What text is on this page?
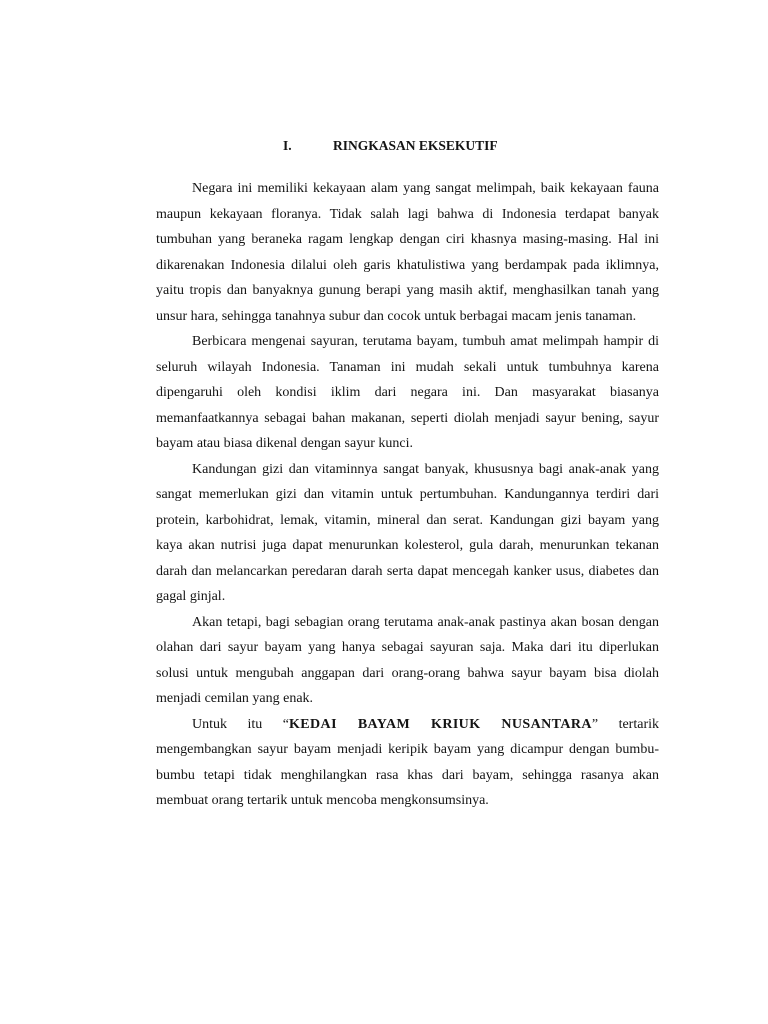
I.	RINGKASAN EKSEKUTIF

Negara ini memiliki kekayaan alam yang sangat melimpah, baik kekayaan fauna maupun kekayaan floranya. Tidak salah lagi bahwa di Indonesia terdapat banyak tumbuhan yang beraneka ragam lengkap dengan ciri khasnya masing-masing. Hal ini dikarenakan Indonesia dilalui oleh garis khatulistiwa yang berdampak pada iklimnya, yaitu tropis dan banyaknya gunung berapi yang masih aktif, menghasilkan tanah yang unsur hara, sehingga tanahnya subur dan cocok untuk berbagai macam jenis tanaman.

Berbicara mengenai sayuran, terutama bayam, tumbuh amat melimpah hampir di seluruh wilayah Indonesia. Tanaman ini mudah sekali untuk tumbuhnya karena dipengaruhi oleh kondisi iklim dari negara ini. Dan masyarakat biasanya memanfaatkannya sebagai bahan makanan, seperti diolah menjadi sayur bening, sayur bayam atau biasa dikenal dengan sayur kunci.

Kandungan gizi dan vitaminnya sangat banyak, khususnya bagi anak-anak yang sangat memerlukan gizi dan vitamin untuk pertumbuhan. Kandungannya terdiri dari protein, karbohidrat, lemak, vitamin, mineral dan serat. Kandungan gizi bayam yang kaya akan nutrisi juga dapat menurunkan kolesterol, gula darah, menurunkan tekanan darah dan melancarkan peredaran darah serta dapat mencegah kanker usus, diabetes dan gagal ginjal.

Akan tetapi, bagi sebagian orang terutama anak-anak pastinya akan bosan dengan olahan dari sayur bayam yang hanya sebagai sayuran saja. Maka dari itu diperlukan solusi untuk mengubah anggapan dari orang-orang bahwa sayur bayam bisa diolah menjadi cemilan yang enak.

Untuk itu “KEDAI BAYAM KRIUK NUSANTARA” tertarik
mengembangkan sayur bayam menjadi keripik bayam yang dicampur dengan bumbu-bumbu tetapi tidak menghilangkan rasa khas dari bayam, sehingga rasanya akan membuat orang tertarik untuk mencoba mengkonsumsinya.
